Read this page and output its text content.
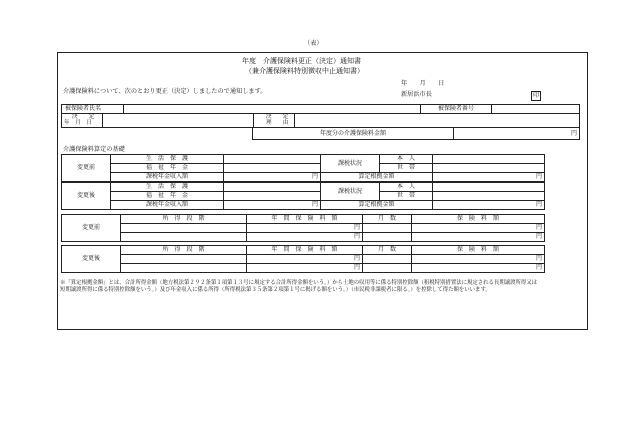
（表）
年度　介護保険料更正（決定）通知書
（兼介護保険料特別徴収中止通知書）
介護保険料について、次のとおり更正（決定）しましたので通知します。
年　　月　　日
新居浜市長	印
被保険者氏名		被保険者番号	
決　　定
年　月　日

決　　定
理　　由

年度分の介護保険料金額	円
介護保険料算定の基礎
変更前	生　活　保　護		課税状況	本　人	
	福　祉　年　金			世　帯	
	課税年金収入額	円	算定根拠金額		円
変更後	生　活　保　護		課税状況	本　人	
	福　祉　年　金			世　帯	
	課税年金収入額	円	算定根拠金額		円
変更前	所　得　段　階	年　間　保　険　料　額	月　数	保　険　料　額
		円		円
		円		円
変更後	所　得　段　階	年　間　保　険　料　額	月　数	保　険　料　額
		円		円
		円		円
※「算定根拠金額」とは、合計所得金額（地方税法第２９２条第１項第１３号に規定する合計所得金額をいう。）から土地の収用等に係る特別控除額（租税特別措置法に規定される長期譲渡所得又は短期譲渡所得に係る特別控除額をいう。）及び年金収入に係る所得（所得税法第３５条第２項第１号に掲げる額をいう。）（市民税非課税者に限る。）を控除して得た額をいいます。
